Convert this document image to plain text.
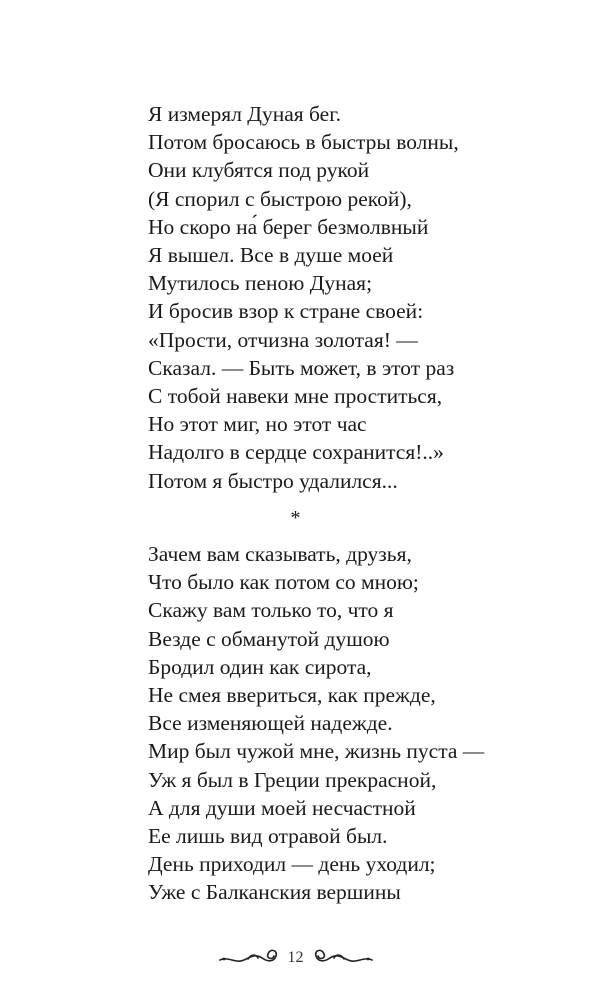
Я измерял Дуная бег.
Потом бросаюсь в быстры волны,
Они клубятся под рукой
(Я спорил с быстрою рекой),
Но скоро на́ берег безмолвный
Я вышел. Все в душе моей
Мутилось пеною Дуная;
И бросив взор к стране своей:
«Прости, отчизна золотая! —
Сказал. — Быть может, в этот раз
С тобой навеки мне проститься,
Но этот миг, но этот час
Надолго в сердце сохранится!..»
Потом я быстро удалился...
*
Зачем вам сказывать, друзья,
Что было как потом со мною;
Скажу вам только то, что я
Везде с обманутой душою
Бродил один как сирота,
Не смея ввериться, как прежде,
Все изменяющей надежде.
Мир был чужой мне, жизнь пуста —
Уж я был в Греции прекрасной,
А для души моей несчастной
Ее лишь вид отравой был.
День приходил — день уходил;
Уже с Балканския вершины
12
